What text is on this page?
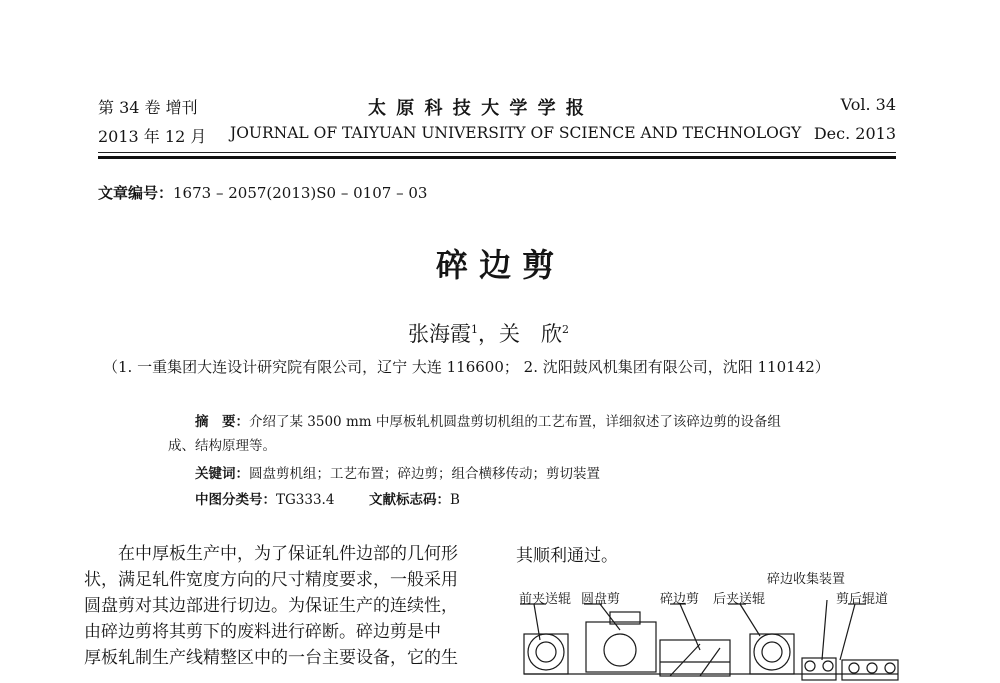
第 34 卷 增刊
2013 年 12 月
太 原 科 技 大 学 学 报
JOURNAL OF TAIYUAN UNIVERSITY OF SCIENCE AND TECHNOLOGY
Vol. 34
Dec. 2013
文章编号：1673 – 2057(2013)S0 – 0107 – 03
碎 边 剪
张海霞$^1$，关　欣$^2$
（1. 一重集团大连设计研究院有限公司，辽宁 大连 116600； 2. 沈阳鼓风机集团有限公司，沈阳 110142）
摘　要：介绍了某 3500 mm 中厚板轧机圆盘剪切机组的工艺布置，详细叙述了该碎边剪的设备组
成、结构原理等。
关键词：圆盘剪机组；工艺布置；碎边剪；组合横移传动；剪切装置
中图分类号：TG333.4	文献标志码：B
　　在中厚板生产中，为了保证轧件边部的几何形
状，满足轧件宽度方向的尺寸精度要求，一般采用
圆盘剪对其边部进行切边。为保证生产的连续性，
由碎边剪将其剪下的废料进行碎断。碎边剪是中
厚板轧制生产线精整区中的一台主要设备，它的生
其顺利通过。
碎边收集装置
前夹送辊 圆盘剪	碎边剪 后夹送辊	剪后辊道
